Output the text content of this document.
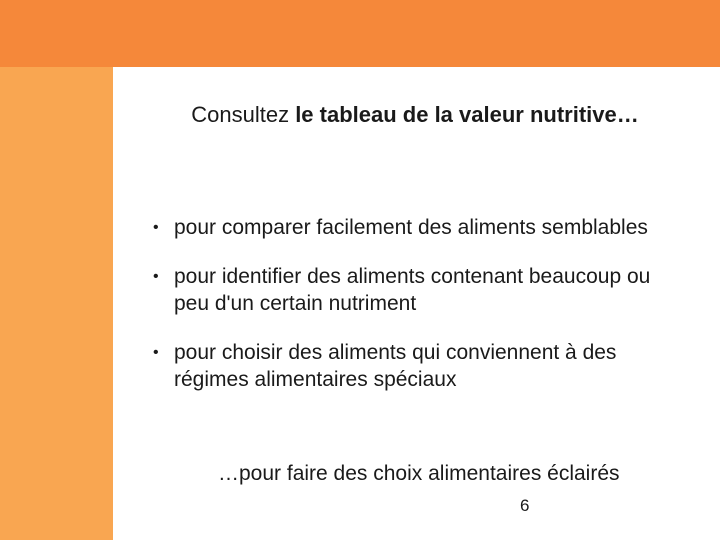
Consultez le tableau de la valeur nutritive…
• pour comparer facilement des aliments semblables
• pour identifier des aliments contenant beaucoup ou peu d'un certain nutriment
• pour choisir des aliments qui conviennent à des régimes alimentaires spéciaux
…pour faire des choix alimentaires éclairés
6
